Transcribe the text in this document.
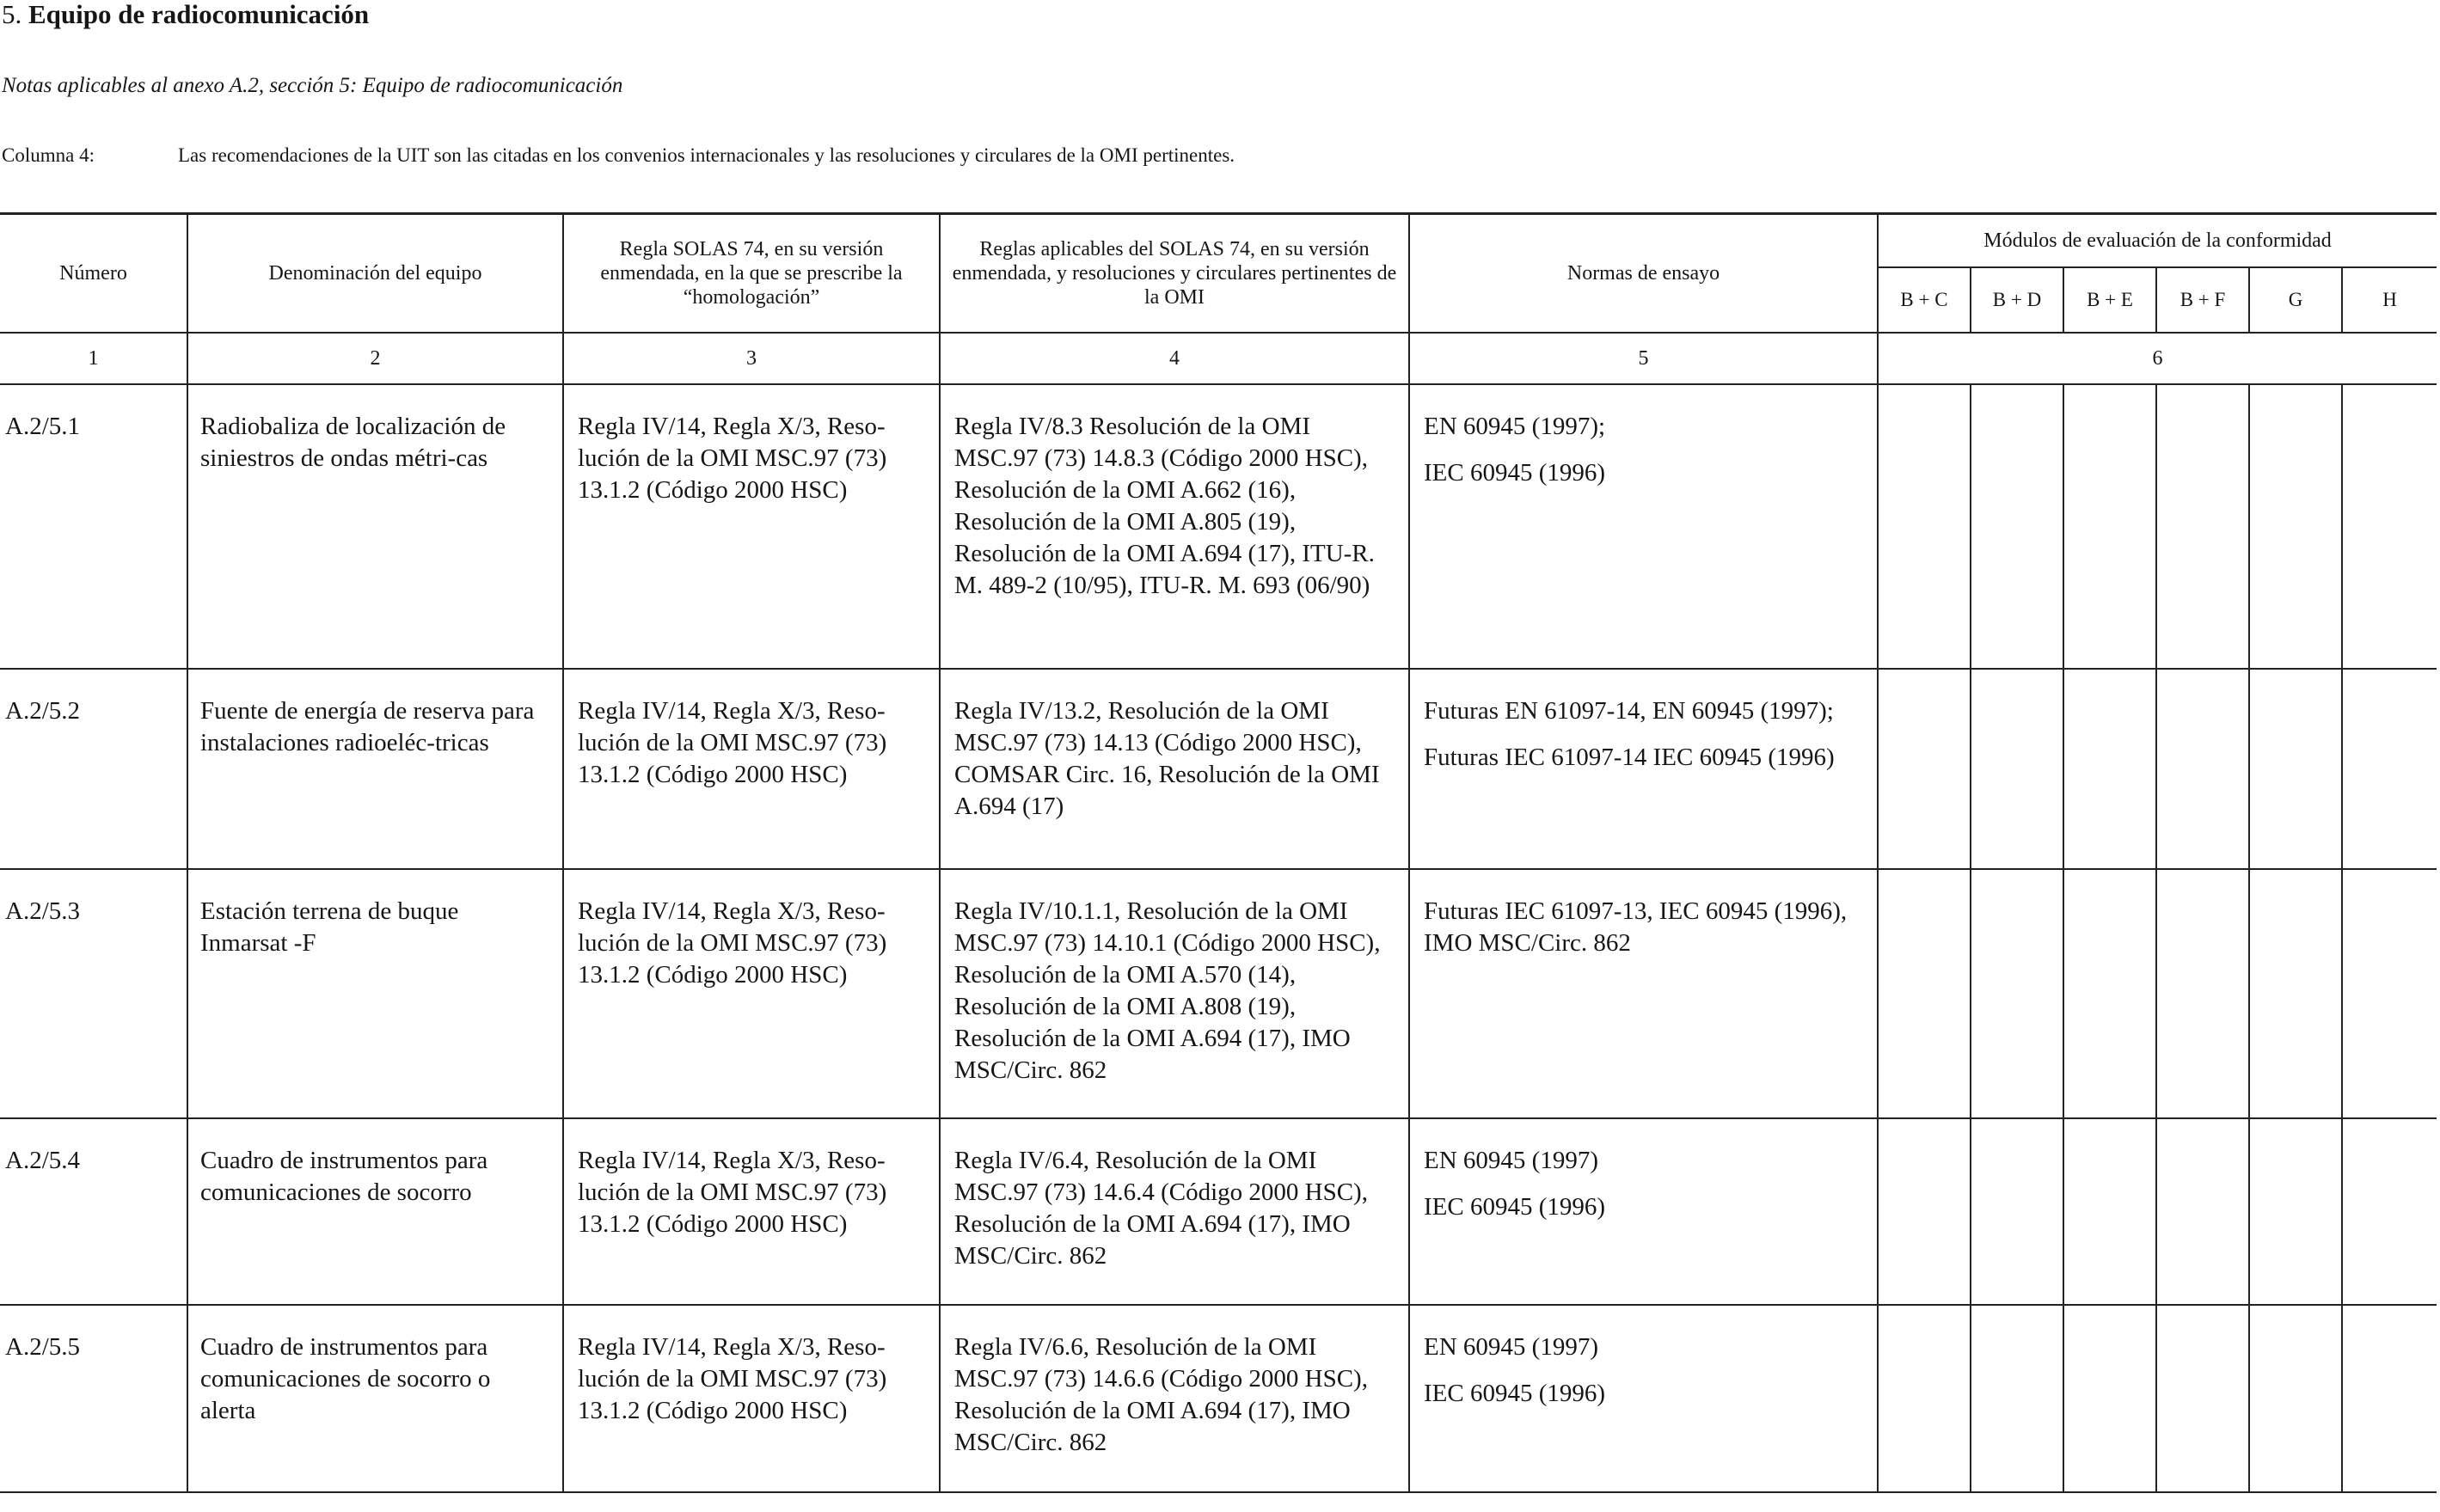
5. Equipo de radiocomunicación
Notas aplicables al anexo A.2, sección 5: Equipo de radiocomunicación
Columna 4:	Las recomendaciones de la UIT son las citadas en los convenios internacionales y las resoluciones y circulares de la OMI pertinentes.
Número	Denominación del equipo	Regla SOLAS 74, en su versión enmendada, en la que se prescribe la “homologación”	Reglas aplicables del SOLAS 74, en su versión enmendada, y resoluciones y circulares pertinentes de la OMI	Normas de ensayo	Módulos de evaluación de la conformidad					
					B + C	B + D	B + E	B + F	G	H
1	2	3	4	5	6					
A.2/5.1	Radiobaliza de localización de siniestros de ondas métri-cas	Regla IV/14, Regla X/3, Reso-lución de la OMI MSC.97 (73) 13.1.2 (Código 2000 HSC)	Regla IV/8.3 Resolución de la OMI MSC.97 (73) 14.8.3 (Código 2000 HSC), Resolución de la OMI A.662 (16), Resolución de la OMI A.805 (19), Resolución de la OMI A.694 (17), ITU-R. M. 489-2 (10/95), ITU-R. M. 693 (06/90)	EN 60945 (1997);
IEC 60945 (1996)						

A.2/5.2	Fuente de energía de reserva para instalaciones radioeléc-tricas	Regla IV/14, Regla X/3, Reso-lución de la OMI MSC.97 (73) 13.1.2 (Código 2000 HSC)	Regla IV/13.2, Resolución de la OMI MSC.97 (73) 14.13 (Código 2000 HSC), COMSAR Circ. 16, Resolución de la OMI A.694 (17)	Futuras EN 61097-14, EN 60945 (1997);
Futuras IEC 61097-14 IEC 60945 (1996)						

A.2/5.3	Estación terrena de buque Inmarsat -F	Regla IV/14, Regla X/3, Reso-lución de la OMI MSC.97 (73) 13.1.2 (Código 2000 HSC)	Regla IV/10.1.1, Resolución de la OMI MSC.97 (73) 14.10.1 (Código 2000 HSC), Resolución de la OMI A.570 (14), Resolución de la OMI A.808 (19), Resolución de la OMI A.694 (17), IMO MSC/Circ. 862	Futuras IEC 61097-13, IEC 60945 (1996), IMO MSC/Circ. 862						

A.2/5.4	Cuadro de instrumentos para comunicaciones de socorro	Regla IV/14, Regla X/3, Reso-lución de la OMI MSC.97 (73) 13.1.2 (Código 2000 HSC)	Regla IV/6.4, Resolución de la OMI MSC.97 (73) 14.6.4 (Código 2000 HSC), Resolución de la OMI A.694 (17), IMO MSC/Circ. 862	EN 60945 (1997)
IEC 60945 (1996)						

A.2/5.5	Cuadro de instrumentos para comunicaciones de socorro o alerta	Regla IV/14, Regla X/3, Reso-lución de la OMI MSC.97 (73) 13.1.2 (Código 2000 HSC)	Regla IV/6.6, Resolución de la OMI MSC.97 (73) 14.6.6 (Código 2000 HSC), Resolución de la OMI A.694 (17), IMO MSC/Circ. 862	EN 60945 (1997)
IEC 60945 (1996)						
